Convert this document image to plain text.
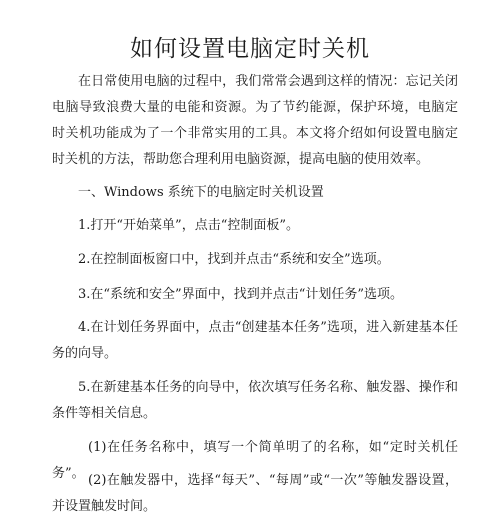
如何设置电脑定时关机

在日常使用电脑的过程中，我们常常会遇到这样的情况：忘记关闭 电脑导致浪费大量的电能和资源。为了节约能源，保护环境，电脑定 时关机功能成为了一个非常实用的工具。本文将介绍如何设置电脑定 时关机的方法，帮助您合理利用电脑资源，提高电脑的使用效率。

一、Windows 系统下的电脑定时关机设置

1.打开“开始菜单”，点击“控制面板”。

2.在控制面板窗口中，找到并点击“系统和安全”选项。

3.在“系统和安全”界面中，找到并点击“计划任务”选项。

4.在计划任务界面中，点击“创建基本任务”选项，进入新建基本任 务的向导。

5.在新建基本任务的向导中，依次填写任务名称、触发器、操作和 条件等相关信息。

(1)在任务名称中，填写一个简单明了的名称，如“定时关机任 务”。 (2)在触发器中，选择“每天”、“每周”或“一次”等触发器设置，并设置触发时间。
